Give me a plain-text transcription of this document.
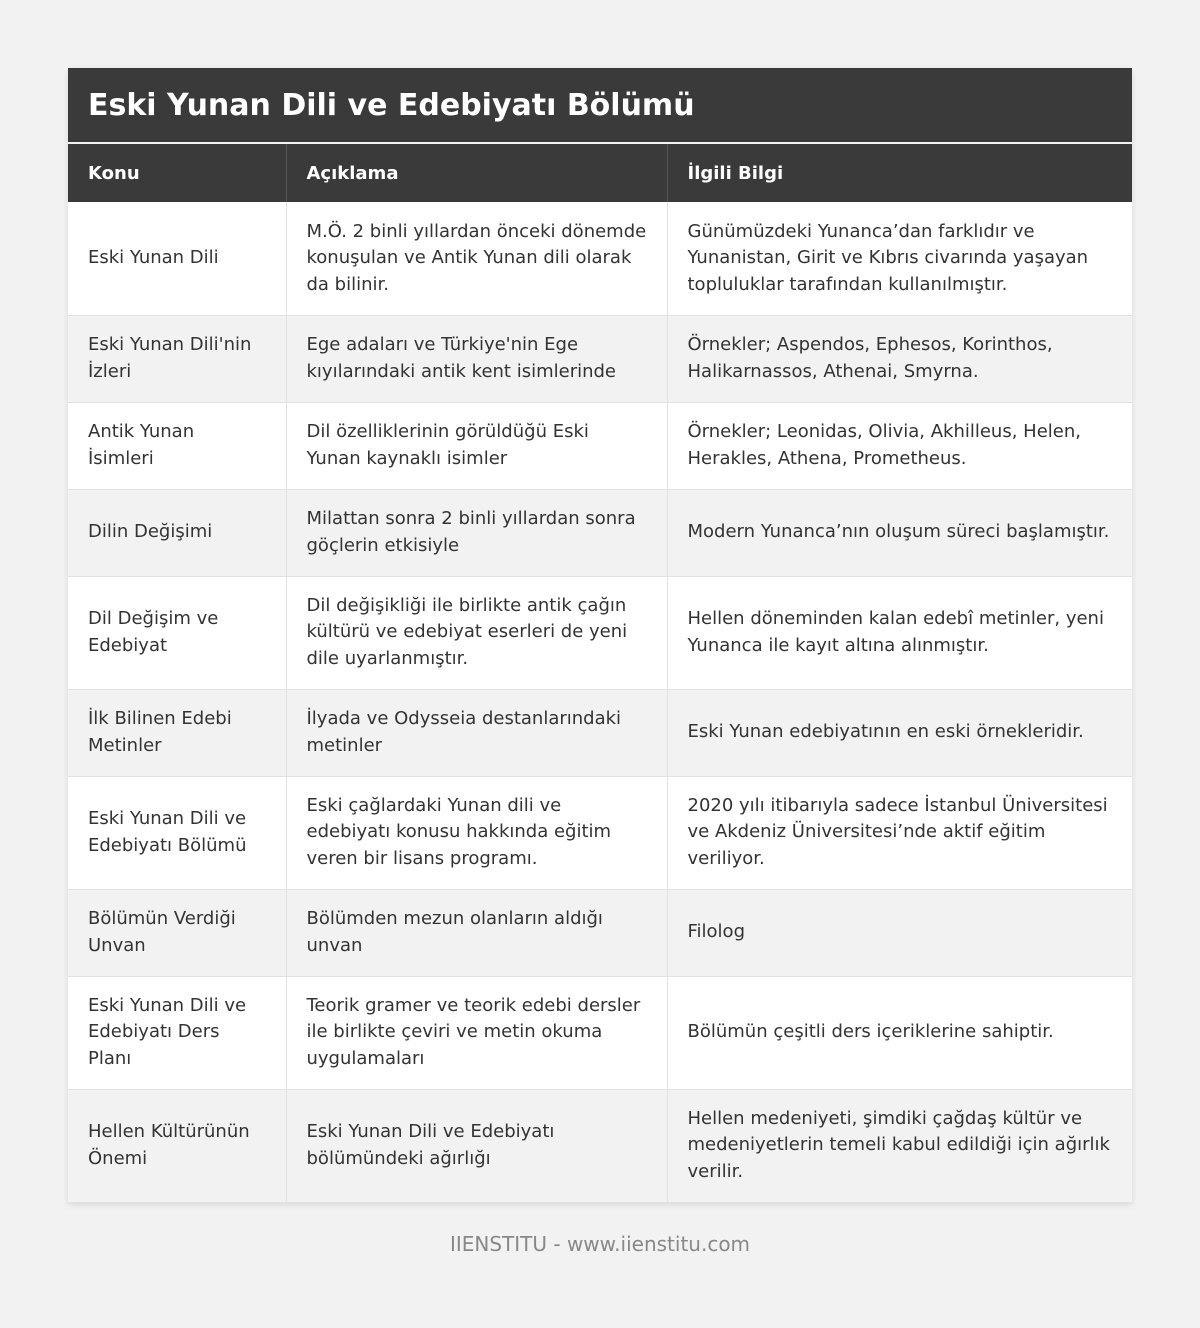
Eski Yunan Dili ve Edebiyatı Bölümü
Konu	Açıklama	İlgili Bilgi
Eski Yunan Dili	M.Ö. 2 binli yıllardan önceki dönemde konuşulan ve Antik Yunan dili olarak da bilinir.	Günümüzdeki Yunanca’dan farklıdır ve Yunanistan, Girit ve Kıbrıs civarında yaşayan topluluklar tarafından kullanılmıştır.
Eski Yunan Dili'nin İzleri	Ege adaları ve Türkiye'nin Ege kıyılarındaki antik kent isimlerinde	Örnekler; Aspendos, Ephesos, Korinthos, Halikarnassos, Athenai, Smyrna.
Antik Yunan İsimleri	Dil özelliklerinin görüldüğü Eski Yunan kaynaklı isimler	Örnekler; Leonidas, Olivia, Akhilleus, Helen, Herakles, Athena, Prometheus.
Dilin Değişimi	Milattan sonra 2 binli yıllardan sonra göçlerin etkisiyle	Modern Yunanca’nın oluşum süreci başlamıştır.
Dil Değişim ve Edebiyat	Dil değişikliği ile birlikte antik çağın kültürü ve edebiyat eserleri de yeni dile uyarlanmıştır.	Hellen döneminden kalan edebî metinler, yeni Yunanca ile kayıt altına alınmıştır.
İlk Bilinen Edebi Metinler	İlyada ve Odysseia destanlarındaki metinler	Eski Yunan edebiyatının en eski örnekleridir.
Eski Yunan Dili ve Edebiyatı Bölümü	Eski çağlardaki Yunan dili ve edebiyatı konusu hakkında eğitim veren bir lisans programı.	2020 yılı itibarıyla sadece İstanbul Üniversitesi ve Akdeniz Üniversitesi’nde aktif eğitim veriliyor.
Bölümün Verdiği Unvan	Bölümden mezun olanların aldığı unvan	Filolog
Eski Yunan Dili ve Edebiyatı Ders Planı	Teorik gramer ve teorik edebi dersler ile birlikte çeviri ve metin okuma uygulamaları	Bölümün çeşitli ders içeriklerine sahiptir.
Hellen Kültürünün Önemi	Eski Yunan Dili ve Edebiyatı bölümündeki ağırlığı	Hellen medeniyeti, şimdiki çağdaş kültür ve medeniyetlerin temeli kabul edildiği için ağırlık verilir.
IIENSTITU - www.iienstitu.com
